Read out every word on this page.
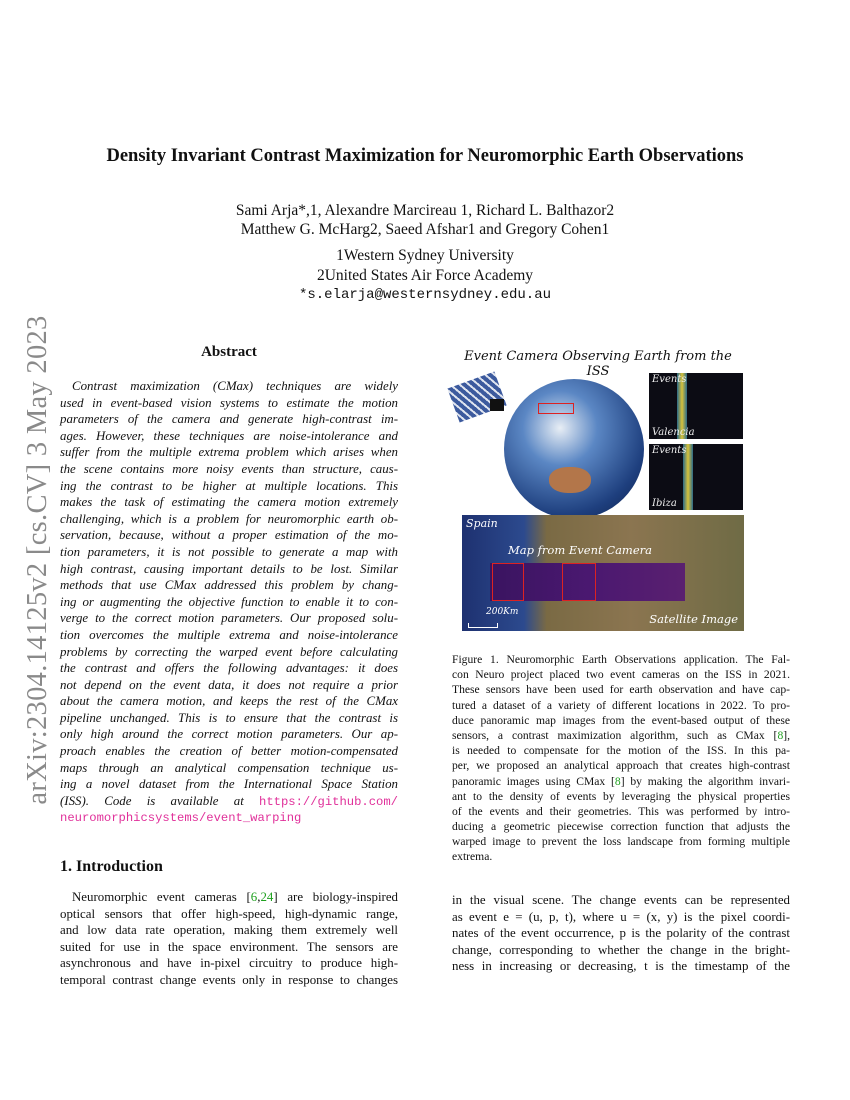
arXiv:2304.14125v2 [cs.CV] 3 May 2023
Density Invariant Contrast Maximization for Neuromorphic Earth Observations
Sami Arja*,1, Alexandre Marcireau 1, Richard L. Balthazor2
Matthew G. McHarg2, Saeed Afshar1 and Gregory Cohen1
1Western Sydney University
2United States Air Force Academy
*s.elarja@westernsydney.edu.au
Abstract
Contrast maximization (CMax) techniques are widely
used in event-based vision systems to estimate the motion
parameters of the camera and generate high-contrast im-
ages. However, these techniques are noise-intolerance and
suffer from the multiple extrema problem which arises when
the scene contains more noisy events than structure, caus-
ing the contrast to be higher at multiple locations. This
makes the task of estimating the camera motion extremely
challenging, which is a problem for neuromorphic earth ob-
servation, because, without a proper estimation of the mo-
tion parameters, it is not possible to generate a map with
high contrast, causing important details to be lost. Similar
methods that use CMax addressed this problem by chang-
ing or augmenting the objective function to enable it to con-
verge to the correct motion parameters. Our proposed solu-
tion overcomes the multiple extrema and noise-intolerance
problems by correcting the warped event before calculating
the contrast and offers the following advantages: it does
not depend on the event data, it does not require a prior
about the camera motion, and keeps the rest of the CMax
pipeline unchanged. This is to ensure that the contrast is
only high around the correct motion parameters. Our ap-
proach enables the creation of better motion-compensated
maps through an analytical compensation technique us-
ing a novel dataset from the International Space Station
(ISS). Code is available at https://github.com/
neuromorphicsystems/event_warping
1. Introduction
Neuromorphic event cameras [6,24] are biology-inspired
optical sensors that offer high-speed, high-dynamic range,
and low data rate operation, making them extremely well
suited for use in the space environment. The sensors are
asynchronous and have in-pixel circuitry to produce high-
temporal contrast change events only in response to changes
Event Camera Observing Earth from the ISS
Events
Valencia
Events
Ibiza
Spain
Map from Event Camera
200Km	Satellite Image
Figure 1. Neuromorphic Earth Observations application. The Fal-
con Neuro project placed two event cameras on the ISS in 2021.
These sensors have been used for earth observation and have cap-
tured a dataset of a variety of different locations in 2022. To pro-
duce panoramic map images from the event-based output of these
sensors, a contrast maximization algorithm, such as CMax [8],
is needed to compensate for the motion of the ISS. In this pa-
per, we proposed an analytical approach that creates high-contrast
panoramic images using CMax [8] by making the algorithm invari-
ant to the density of events by leveraging the physical properties
of the events and their geometries. This was performed by intro-
ducing a geometric piecewise correction function that adjusts the
warped image to prevent the loss landscape from forming multiple
extrema.
in the visual scene. The change events can be represented
as event e = (u, p, t), where u = (x, y) is the pixel coordi-
nates of the event occurrence, p is the polarity of the contrast
change, corresponding to whether the change in the bright-
ness in increasing or decreasing, t is the timestamp of the
